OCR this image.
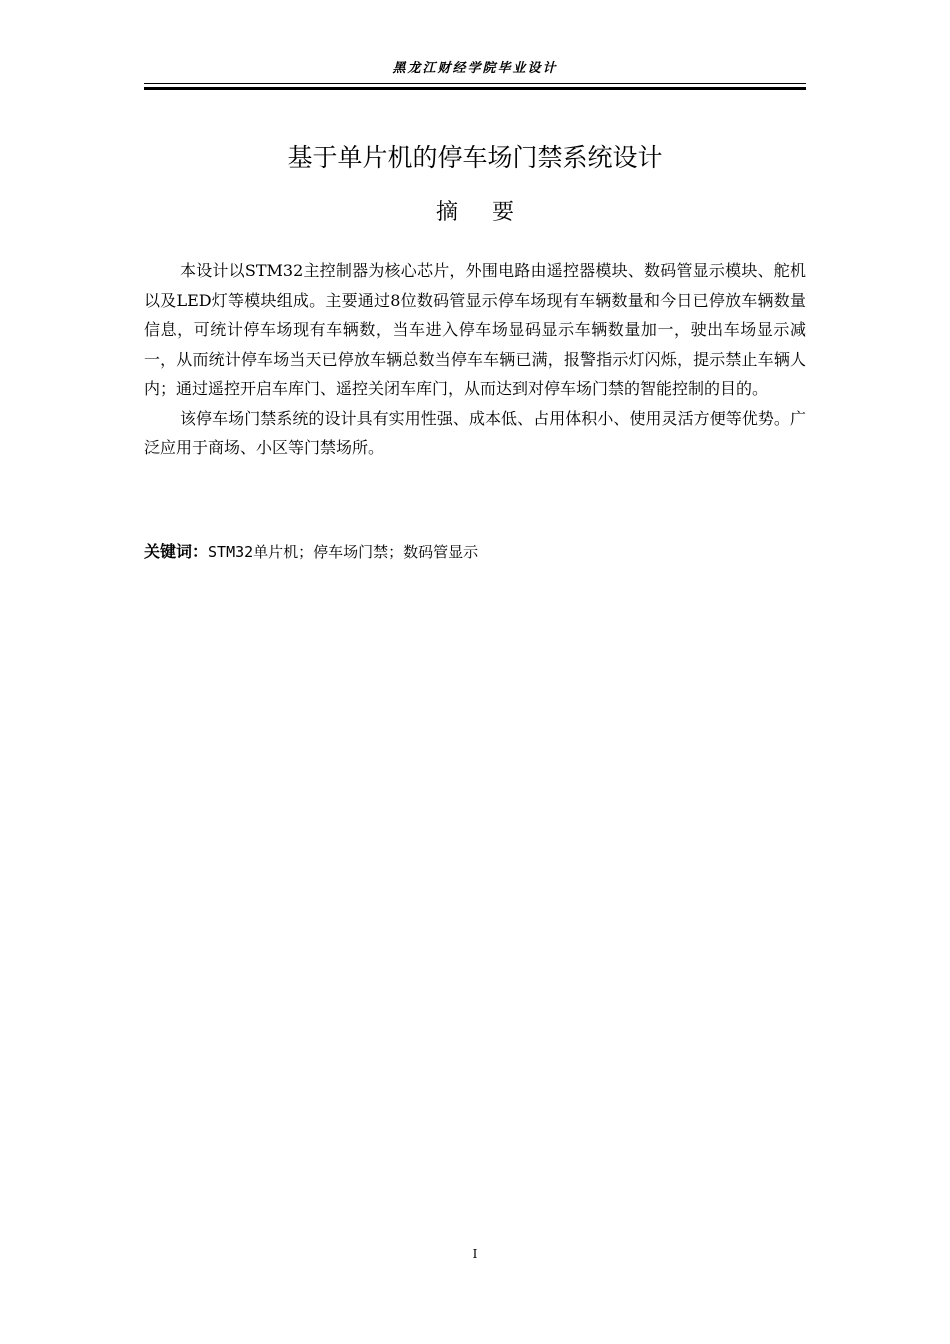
黑龙江财经学院毕业设计
基于单片机的停车场门禁系统设计
摘要

本设计以STM32主控制器为核心芯片，外围电路由遥控器模块、数码管显示模块、舵机以及LED灯等模块组成。主要通过8位数码管显示停车场现有车辆数量和今日已停放车辆数量信息，可统计停车场现有车辆数，当车进入停车场显码显示车辆数量加一，驶出车场显示减一，从而统计停车场当天已停放车辆总数当停车车辆已满，报警指示灯闪烁，提示禁止车辆人内；通过遥控开启车库门、遥控关闭车库门，从而达到对停车场门禁的智能控制的目的。

该停车场门禁系统的设计具有实用性强、成本低、占用体积小、使用灵活方便等优势。广泛应用于商场、小区等门禁场所。

关键词：STM32单片机；停车场门禁；数码管显示
I
